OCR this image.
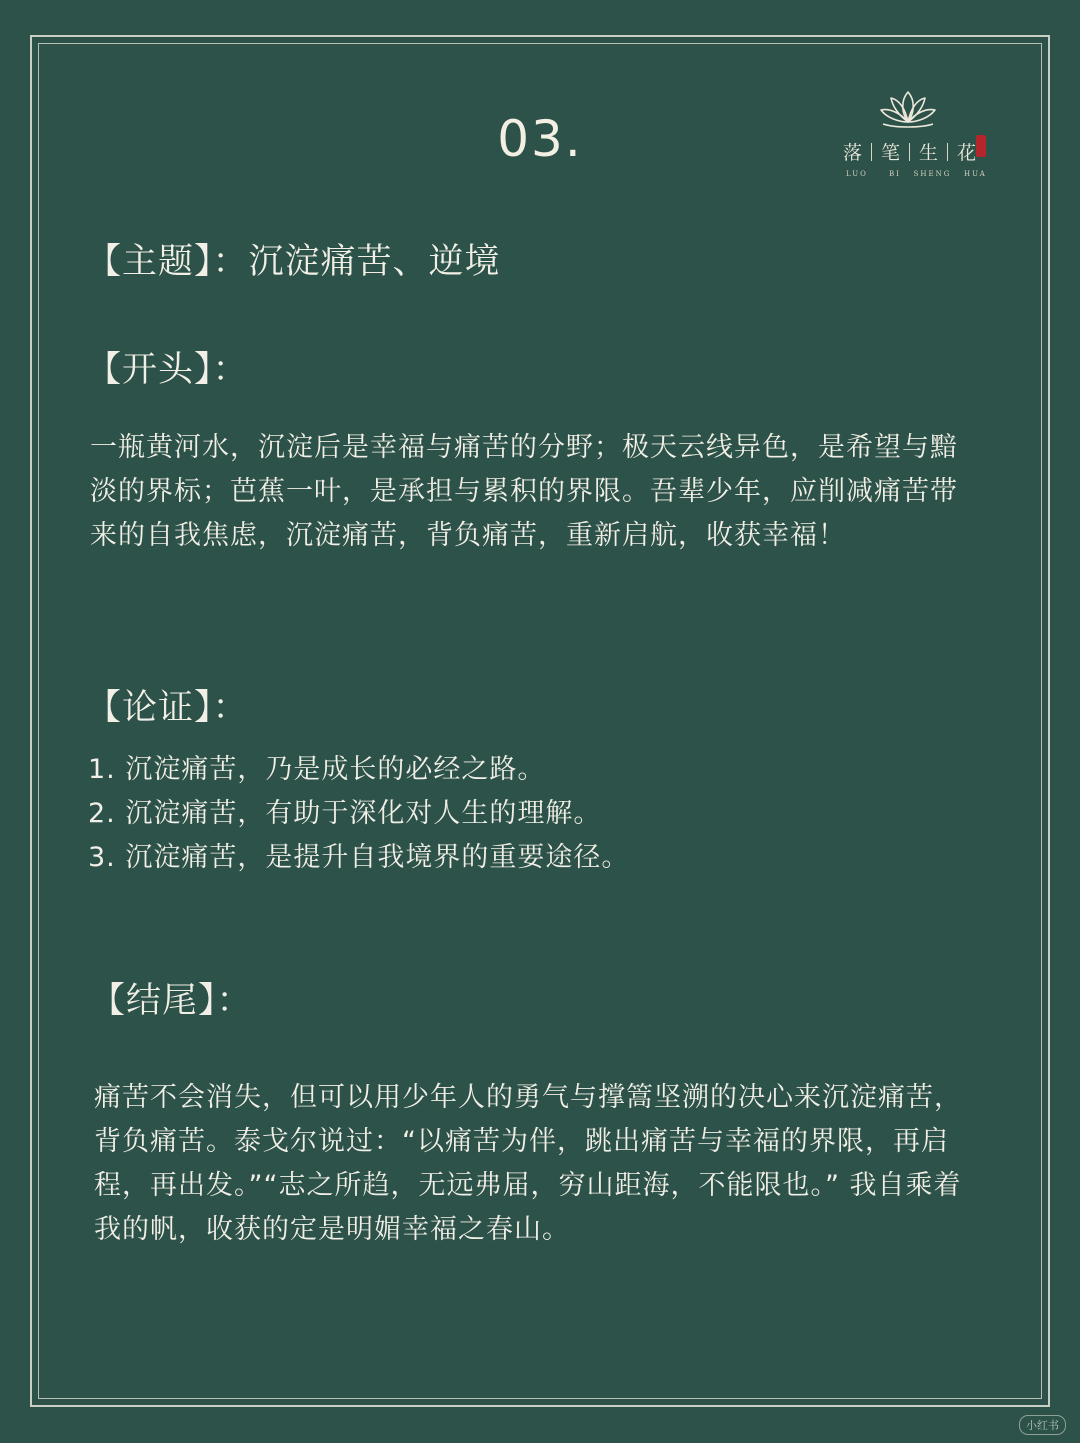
03.	落 笔 生 花
LUO     BI   SHENG   HUA
【主题】：沉淀痛苦、逆境
【开头】：
一瓶黄河水，沉淀后是幸福与痛苦的分野；极天云线异色，是希望与黯淡的界标；芭蕉一叶，是承担与累积的界限。吾辈少年，应削减痛苦带来的自我焦虑，沉淀痛苦，背负痛苦，重新启航，收获幸福！
【论证】：
1. 沉淀痛苦，乃是成长的必经之路。
2. 沉淀痛苦，有助于深化对人生的理解。
3. 沉淀痛苦，是提升自我境界的重要途径。
【结尾】：
痛苦不会消失，但可以用少年人的勇气与撑篙坚溯的决心来沉淀痛苦，背负痛苦。泰戈尔说过：“以痛苦为伴，跳出痛苦与幸福的界限，再启程，再出发。”“志之所趋，无远弗届，穷山距海，不能限也。” 我自乘着我的帆，收获的定是明媚幸福之春山。
小红书
